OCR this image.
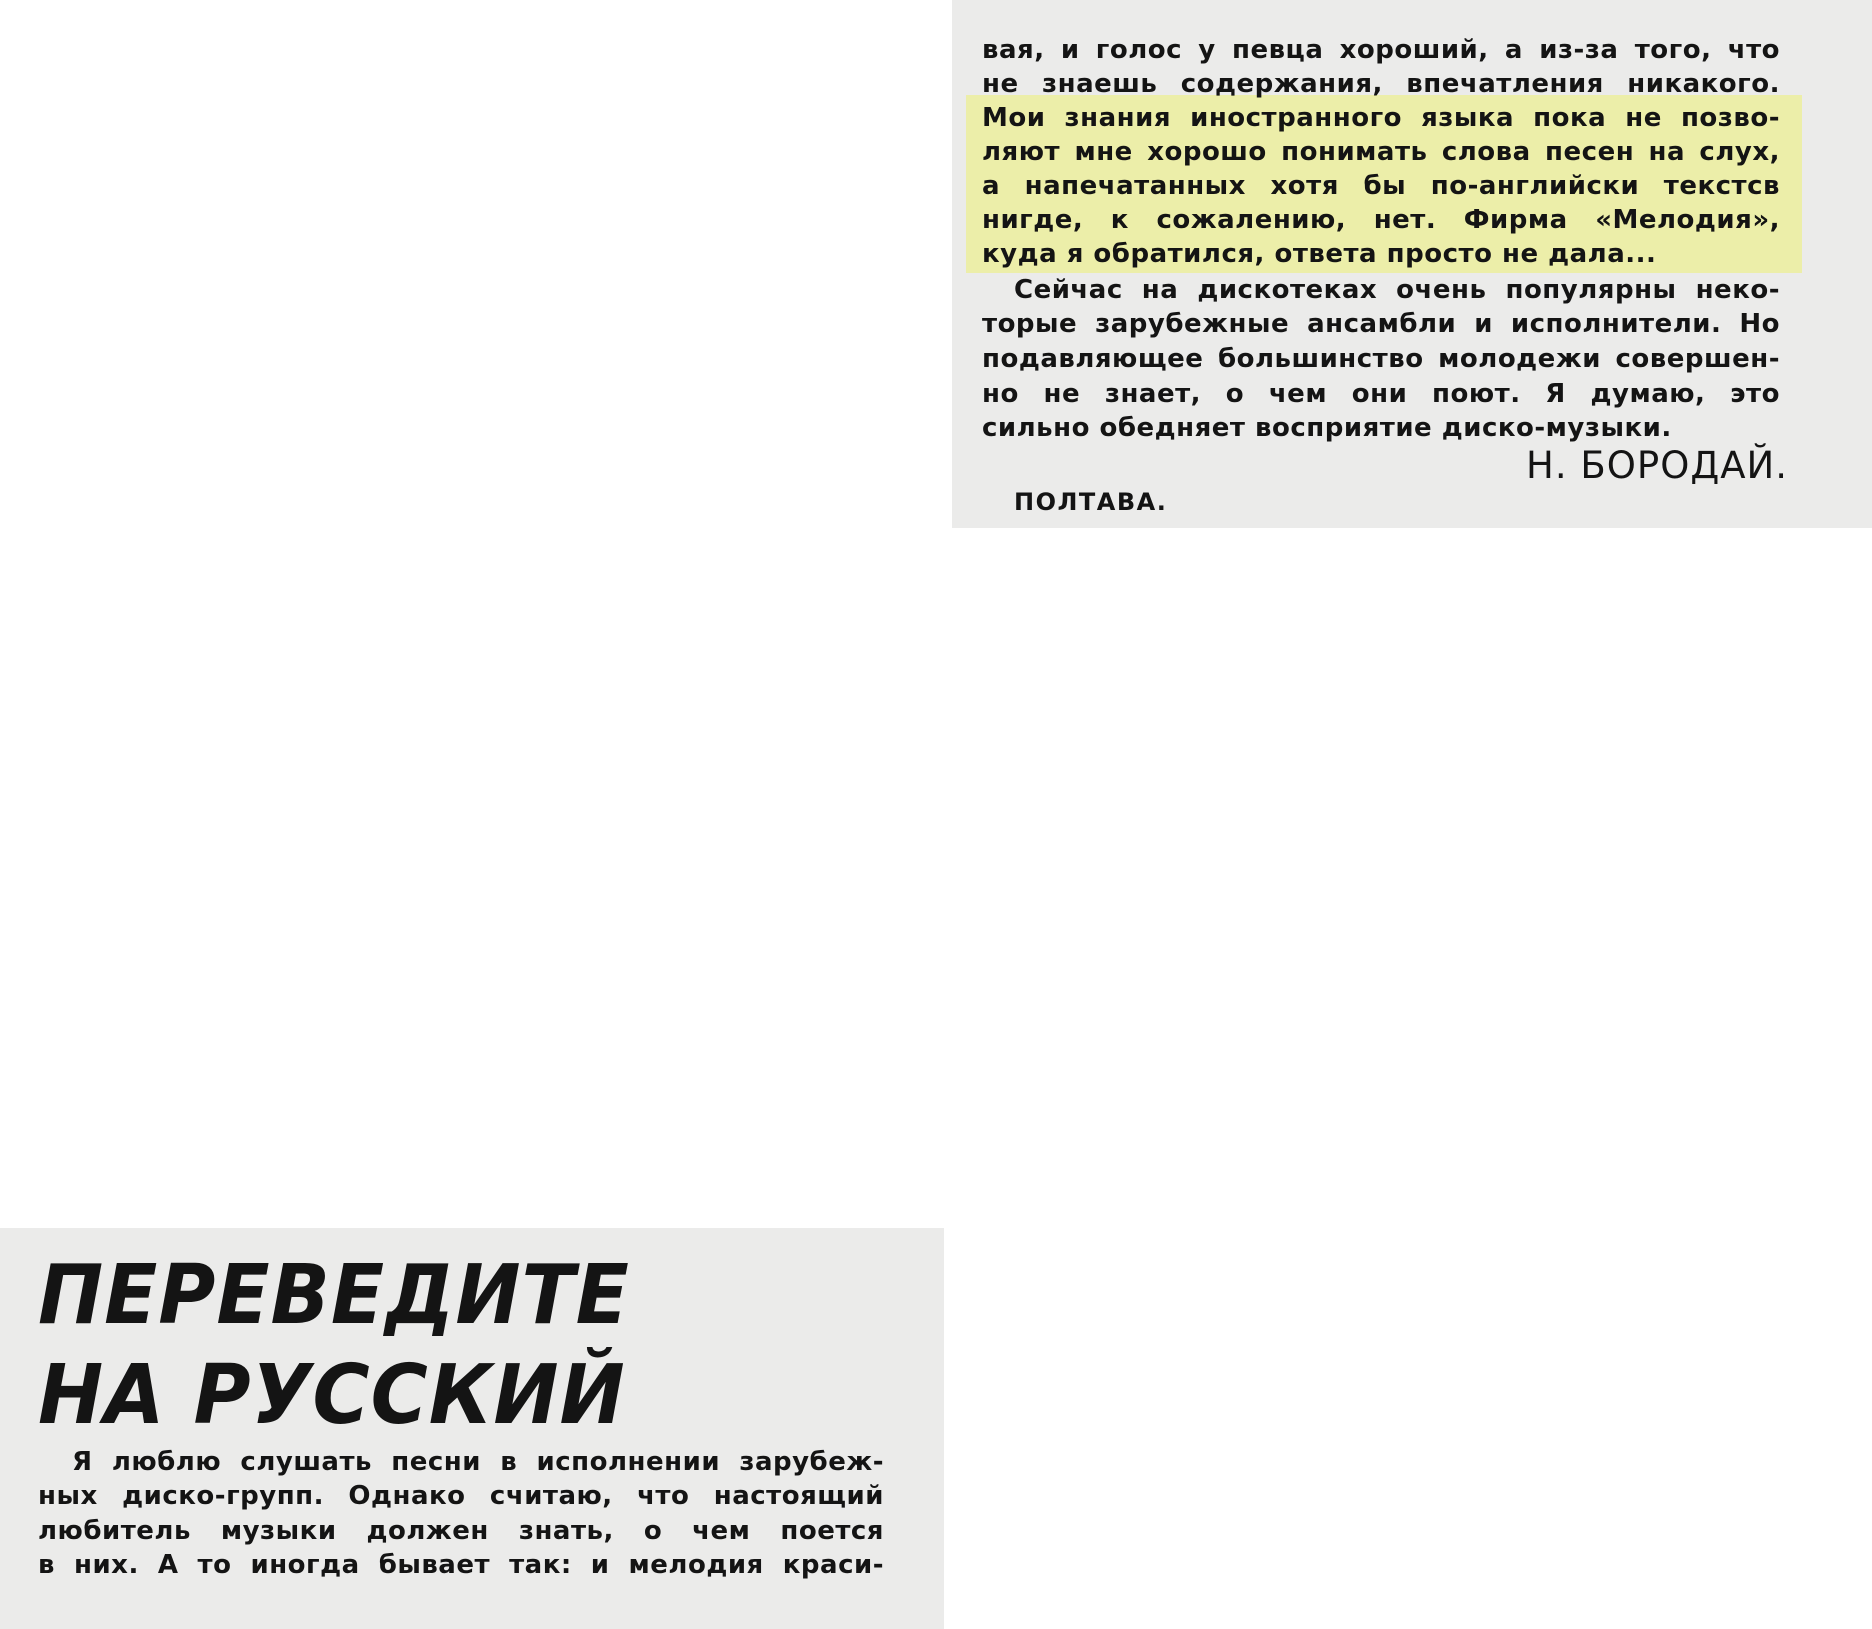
вая, и голос у певца хороший, а из-за того, что
не знаешь содержания, впечатления никакого.
Мои знания иностранного языка пока не позво-
ляют мне хорошо понимать слова песен на слух,
а напечатанных хотя бы по-английски текстсв
нигде, к сожалению, нет. Фирма «Мелодия»,
куда я обратился, ответа просто не дала...
Сейчас на дискотеках очень популярны неко-
торые зарубежные ансамбли и исполнители. Но
подавляющее большинство молодежи совершен-
но не знает, о чем они поют. Я думаю, это
сильно обедняет восприятие диско-музыки.
Н. БОРОДАЙ.
ПОЛТАВА.
ПЕРЕВЕДИТЕ
НА РУССКИЙ
Я люблю слушать песни в исполнении зарубеж-
ных диско-групп. Однако считаю, что настоящий
любитель музыки должен знать, о чем поется
в них. А то иногда бывает так: и мелодия краси-
